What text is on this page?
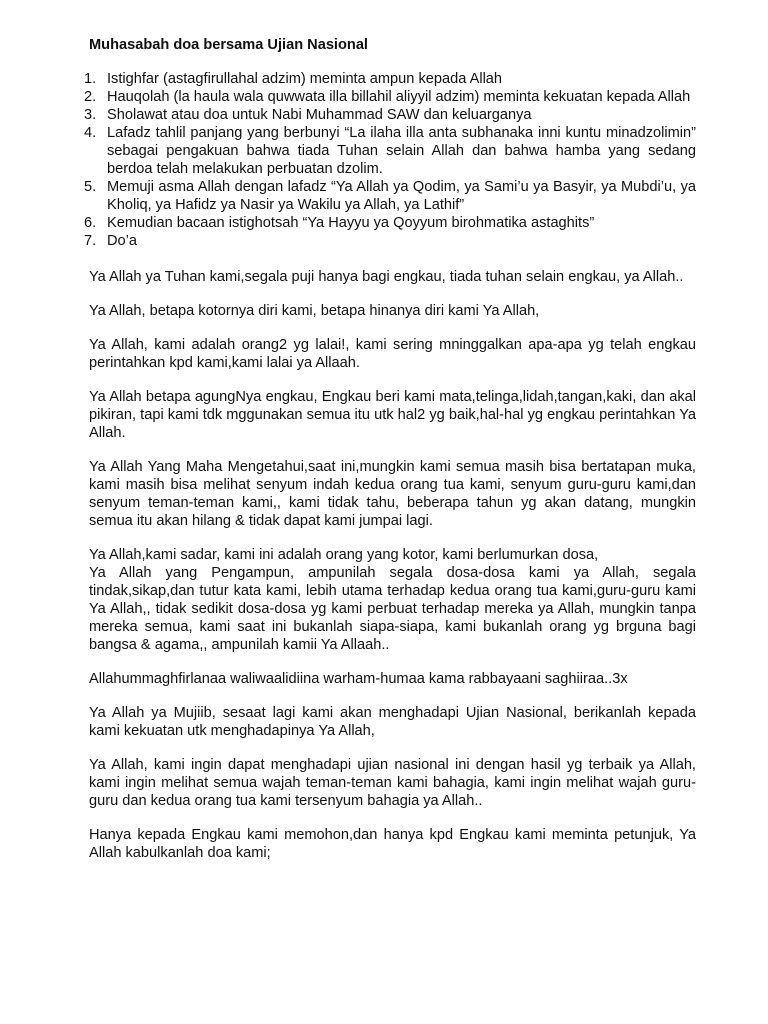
Muhasabah doa bersama Ujian Nasional
1. Istighfar (astagfirullahal adzim) meminta ampun kepada Allah
2. Hauqolah (la haula wala quwwata illa billahil aliyyil adzim) meminta kekuatan kepada Allah
3. Sholawat atau doa untuk Nabi Muhammad SAW dan keluarganya
4. Lafadz tahlil panjang yang berbunyi “La ilaha illa anta subhanaka inni kuntu minadzolimin” sebagai pengakuan bahwa tiada Tuhan selain Allah dan bahwa hamba yang sedang berdoa telah melakukan perbuatan dzolim.
5. Memuji asma Allah dengan lafadz “Ya Allah ya Qodim, ya Sami’u ya Basyir, ya Mubdi’u, ya Kholiq, ya Hafidz ya Nasir ya Wakilu ya Allah, ya Lathif”
6. Kemudian bacaan istighotsah “Ya Hayyu ya Qoyyum birohmatika astaghits”
7. Do’a

Ya Allah ya Tuhan kami,segala puji hanya bagi engkau, tiada tuhan selain engkau, ya Allah..

Ya Allah, betapa kotornya diri kami, betapa hinanya diri kami Ya Allah,

Ya Allah, kami adalah orang2 yg lalai!, kami sering mninggalkan apa-apa yg telah engkau perintahkan kpd kami,kami lalai ya Allaah.

Ya Allah betapa agungNya engkau, Engkau beri kami mata,telinga,lidah,tangan,kaki, dan akal pikiran, tapi kami tdk mggunakan semua itu utk hal2 yg baik,hal-hal yg engkau perintahkan Ya Allah.

Ya Allah Yang Maha Mengetahui,saat ini,mungkin kami semua masih bisa bertatapan muka, kami masih bisa melihat senyum indah kedua orang tua kami, senyum guru-guru kami,dan senyum teman-teman kami,, kami tidak tahu, beberapa tahun yg akan datang, mungkin semua itu akan hilang & tidak dapat kami jumpai lagi.

Ya Allah,kami sadar, kami ini adalah orang yang kotor, kami berlumurkan dosa,

Ya Allah yang Pengampun, ampunilah segala dosa-dosa kami ya Allah, segala tindak,sikap,dan tutur kata kami, lebih utama terhadap kedua orang tua kami,guru-guru kami Ya Allah,, tidak sedikit dosa-dosa yg kami perbuat terhadap mereka ya Allah, mungkin tanpa mereka semua, kami saat ini bukanlah siapa-siapa, kami bukanlah orang yg brguna bagi bangsa & agama,, ampunilah kamii Ya Allaah..

Allahummaghfirlanaa waliwaalidiina warham-humaa kama rabbayaani saghiiraa..3x

Ya Allah ya Mujiib, sesaat lagi kami akan menghadapi Ujian Nasional, berikanlah kepada kami kekuatan utk menghadapinya Ya Allah,

Ya Allah, kami ingin dapat menghadapi ujian nasional ini dengan hasil yg terbaik ya Allah, kami ingin melihat semua wajah teman-teman kami bahagia, kami ingin melihat wajah guru-guru dan kedua orang tua kami tersenyum bahagia ya Allah..

Hanya kepada Engkau kami memohon,dan hanya kpd Engkau kami meminta petunjuk, Ya Allah kabulkanlah doa kami;
